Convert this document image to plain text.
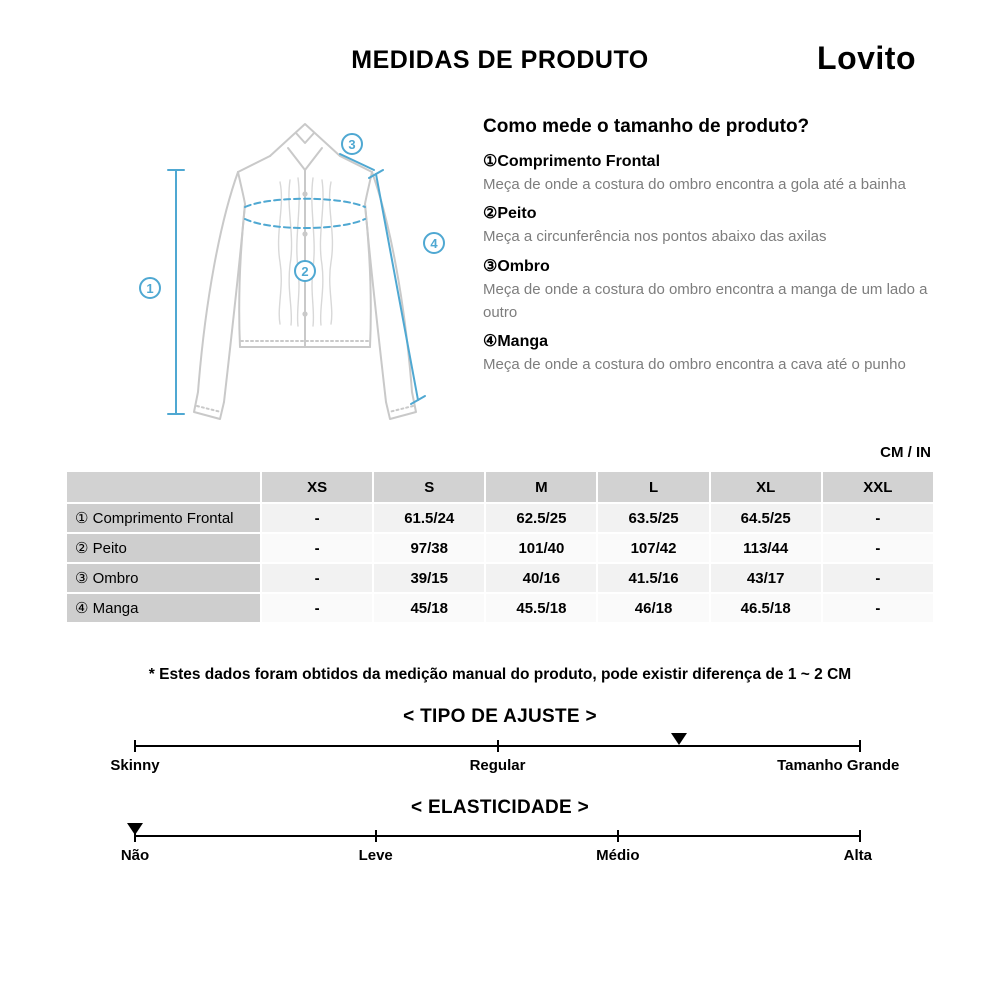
MEDIDAS DE PRODUTO	Lovito
1
2
3
4
Como mede o tamanho de produto?
①Comprimento Frontal
Meça de onde a costura do ombro encontra a gola até a bainha
②Peito
Meça a circunferência nos pontos abaixo das axilas
③Ombro
Meça de onde a costura do ombro encontra a manga de um lado a outro
④Manga
Meça de onde a costura do ombro encontra a cava até o punho
CM / IN
	XS	S	M	L	XL	XXL
① Comprimento Frontal	-	61.5/24	62.5/25	63.5/25	64.5/25	-
② Peito	-	97/38	101/40	107/42	113/44	-
③ Ombro	-	39/15	40/16	41.5/16	43/17	-
④ Manga	-	45/18	45.5/18	46/18	46.5/18	-
* Estes dados foram obtidos da medição manual do produto, pode existir diferença de 1 ~ 2 CM
< TIPO DE AJUSTE >
Skinny	Regular	Tamanho Grande
< ELASTICIDADE >
Não	Leve	Médio	Alta
